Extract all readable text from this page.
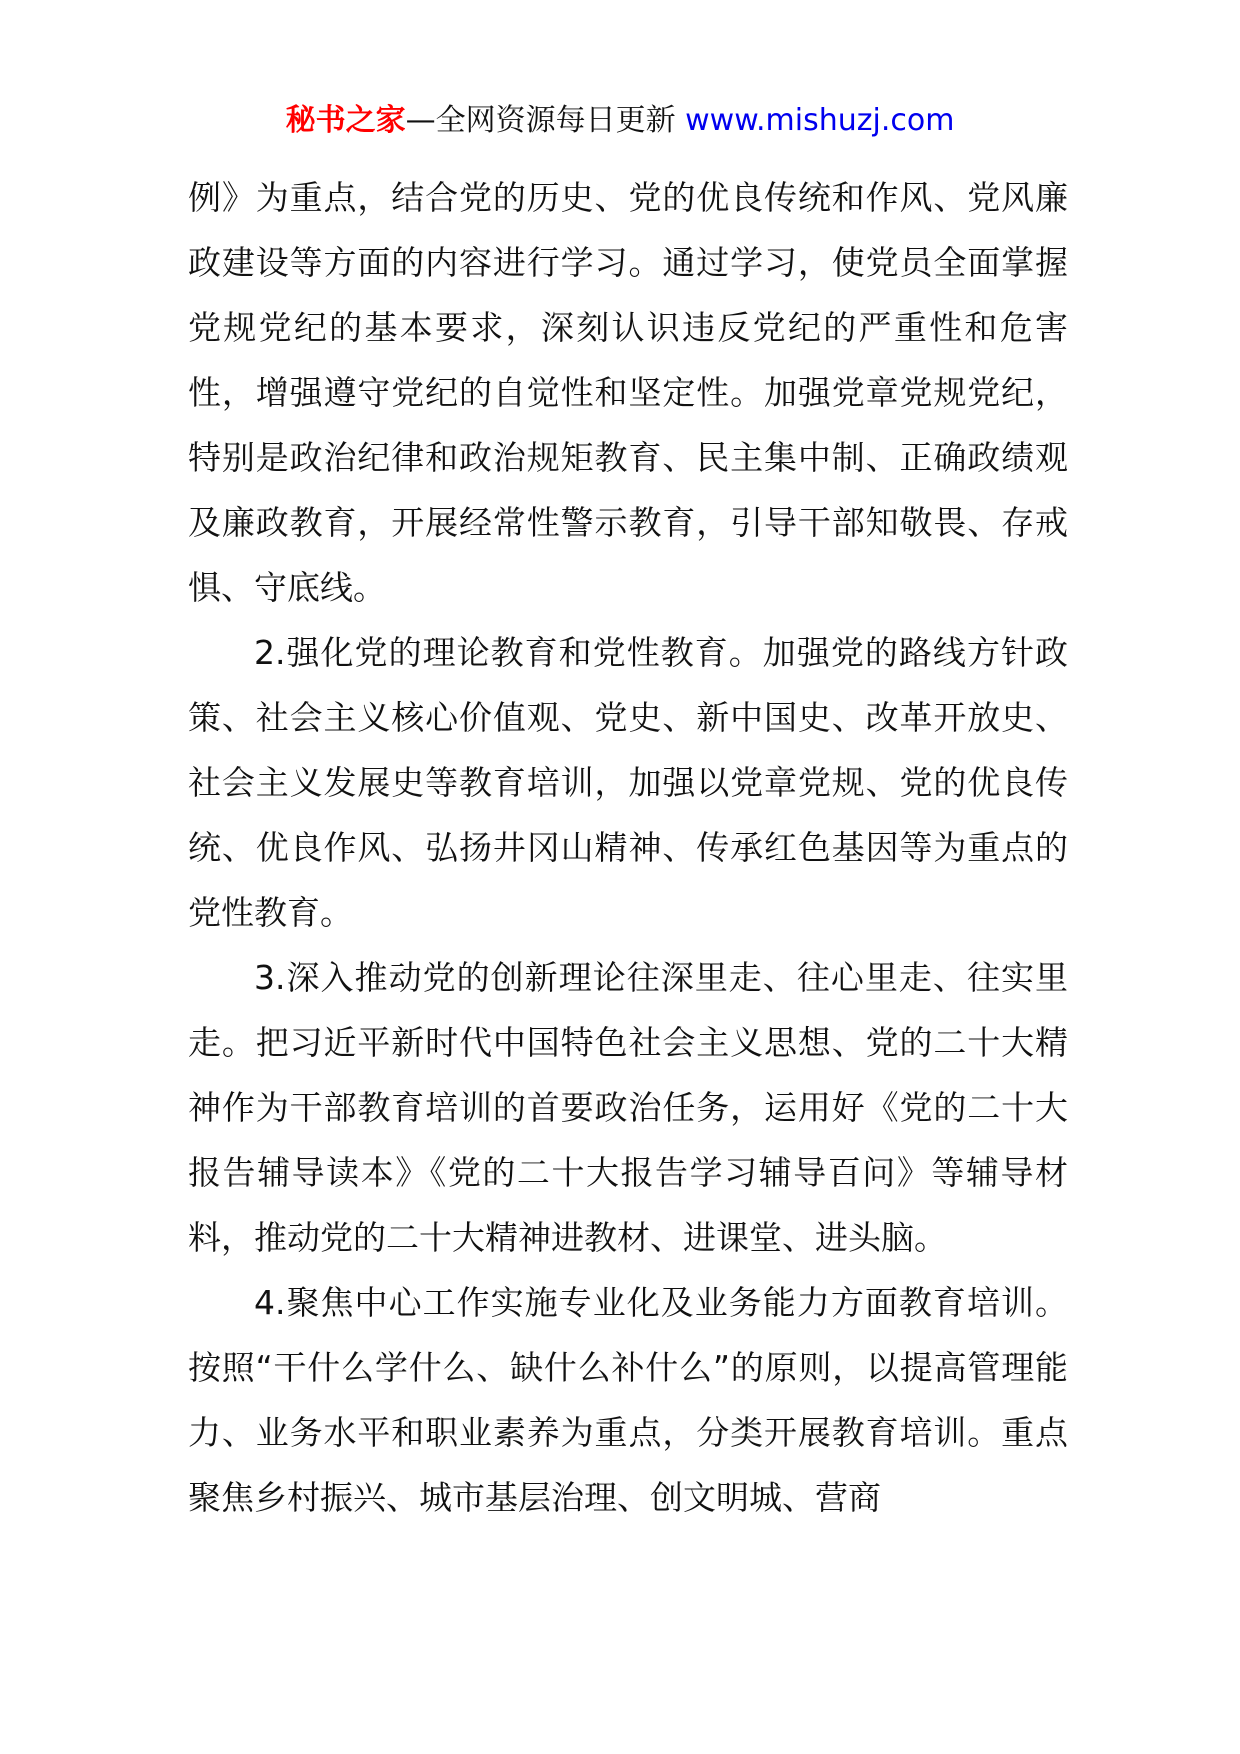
秘书之家—全网资源每日更新 www.mishuzj.com

例》为重点，结合党的历史、党的优良传统和作风、党风廉政建设等方面的内容进行学习。通过学习，使党员全面掌握党规党纪的基本要求，深刻认识违反党纪的严重性和危害性，增强遵守党纪的自觉性和坚定性。加强党章党规党纪，特别是政治纪律和政治规矩教育、民主集中制、正确政绩观及廉政教育，开展经常性警示教育，引导干部知敬畏、存戒惧、守底线。

2.强化党的理论教育和党性教育。加强党的路线方针政策、社会主义核心价值观、党史、新中国史、改革开放史、社会主义发展史等教育培训，加强以党章党规、党的优良传统、优良作风、弘扬井冈山精神、传承红色基因等为重点的党性教育。

3.深入推动党的创新理论往深里走、往心里走、往实里走。把习近平新时代中国特色社会主义思想、党的二十大精神作为干部教育培训的首要政治任务，运用好《党的二十大报告辅导读本》《党的二十大报告学习辅导百问》等辅导材料，推动党的二十大精神进教材、进课堂、进头脑。

4.聚焦中心工作实施专业化及业务能力方面教育培训。按照“干什么学什么、缺什么补什么”的原则，以提高管理能力、业务水平和职业素养为重点，分类开展教育培训。重点聚焦乡村振兴、城市基层治理、创文明城、营商
